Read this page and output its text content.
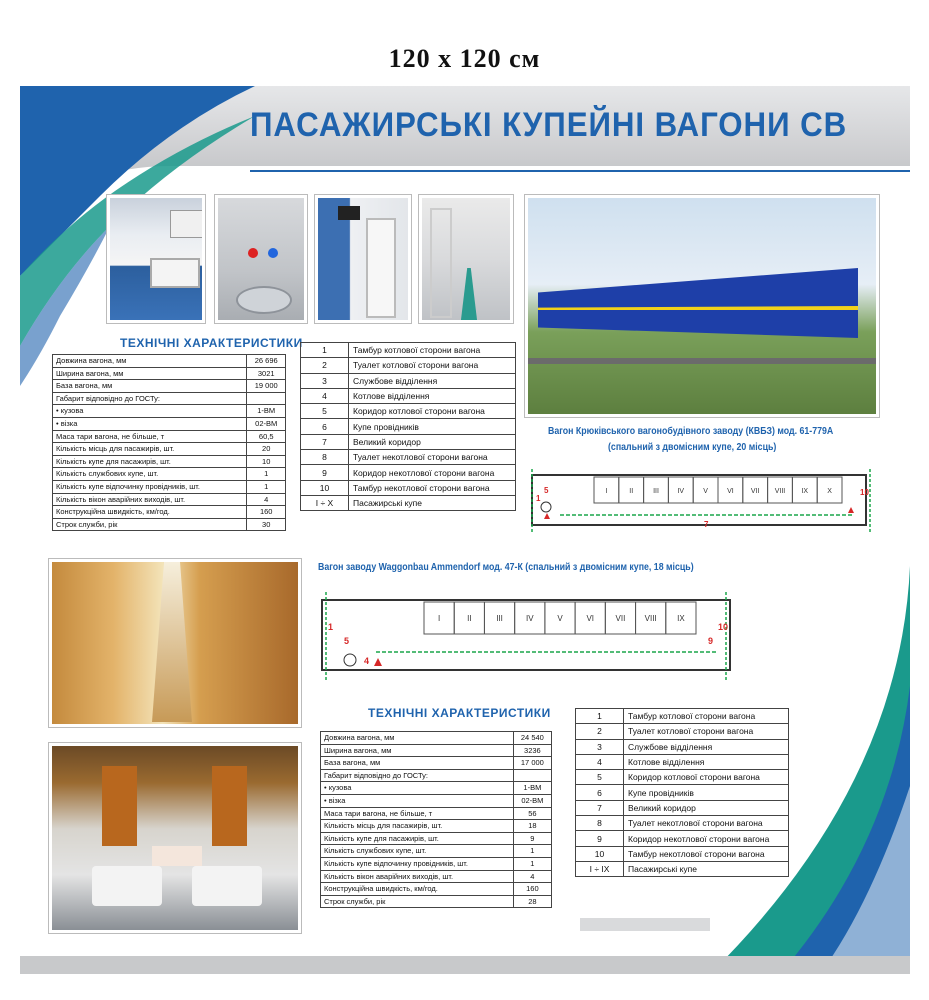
120 х 120 см
ПАСАЖИРСЬКІ КУПЕЙНІ ВАГОНИ СВ
ТЕХНІЧНІ ХАРАКТЕРИСТИКИ
Довжина вагона, мм	26 696
Ширина вагона, мм	3021
База вагона, мм	19 000
Габарит відповідно до ГОСТу:	
• кузова	1-ВМ
• візка	02-ВМ
Маса тари вагона, не більше, т	60,5
Кількість місць для пасажирів, шт.	20
Кількість купе для пасажирів, шт.	10
Кількість службових купе, шт.	1
Кількість купе відпочинку провідників, шт.	1
Кількість вікон аварійних виходів, шт.	4
Конструкційна швидкість, км/год.	160
Строк служби, рік	30
1	Тамбур котлової сторони вагона
2	Туалет котлової сторони вагона
3	Службове відділення
4	Котлове відділення
5	Коридор котлової сторони вагона
6	Купе провідників
7	Великий коридор
8	Туалет некотлової сторони вагона
9	Коридор некотлової сторони вагона
10	Тамбур некотлової сторони вагона
I ÷ X	Пасажирські купе
Вагон Крюківського вагонобудівного заводу (КВБЗ) мод. 61-779А
(спальний з двомісним купе, 20 місць)
I	II	III	IV	V	VI VII VIII IX	X
5
1
10
7
Вагон заводу Waggonbau Ammendorf мод. 47-К (спальний з двомісним купе, 18 місць)
I	II	III	IV	V	VI	VII VIII	IX
1
5
4
9
10
ТЕХНІЧНІ ХАРАКТЕРИСТИКИ
Довжина вагона, мм	24 540
Ширина вагона, мм	3236
База вагона, мм	17 000
Габарит відповідно до ГОСТу:	
• кузова	1-ВМ
• візка	02-ВМ
Маса тари вагона, не більше, т	56
Кількість місць для пасажирів, шт.	18
Кількість купе для пасажирів, шт.	9
Кількість службових купе, шт.	1
Кількість купе відпочинку провідників, шт.	1
Кількість вікон аварійних виходів, шт.	4
Конструкційна швидкість, км/год.	160
Строк служби, рік	28
1	Тамбур котлової сторони вагона
2	Туалет котлової сторони вагона
3	Службове відділення
4	Котлове відділення
5	Коридор котлової сторони вагона
6	Купе провідників
7	Великий коридор
8	Туалет некотлової сторони вагона
9	Коридор некотлової сторони вагона
10	Тамбур некотлової сторони вагона
I ÷ IX	Пасажирські купе
